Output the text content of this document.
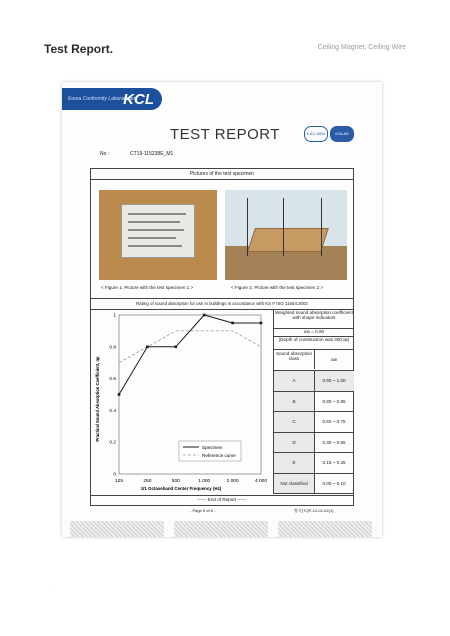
Test Report.	Ceiling Magnet, Ceiling Wire
Korea Conformity Laboratories
KCL
TEST REPORT	ILAC-MRA	KOLAS
No :	CT19-115238E_M1
Pictures of the test specimen
< Figure 1. Picture with the test specimen 1 >	< Figure 2. Picture with the test specimen 2 >
Rating of sound absorption for use in buildings in accordance with KS F ISO 11654:2003
0
0.2
0.4
0.6
0.8
1
125	250	500	1 000	2 000	4 000
1/1 Octaveband Center Frequency (Hz)
Practical Sound Absorption Coefficient, αp
Specimen
Reference curve
Weighted sound absorption coefficient with shape indicators
αw = 0.90
(Depth of construction was 300 ㎜)
Sound absorption class	αw
A	0.90 ~ 1.00
B	0.80 ~ 0.85
C	0.60 ~ 0.75
D	0.30 ~ 0.55
E	0.15 ~ 0.25
Not classified	0.00 ~ 0.10
------ End of Report ------
- Page 6 of 6 -	양식(TQP-12-01-02(1)
·
